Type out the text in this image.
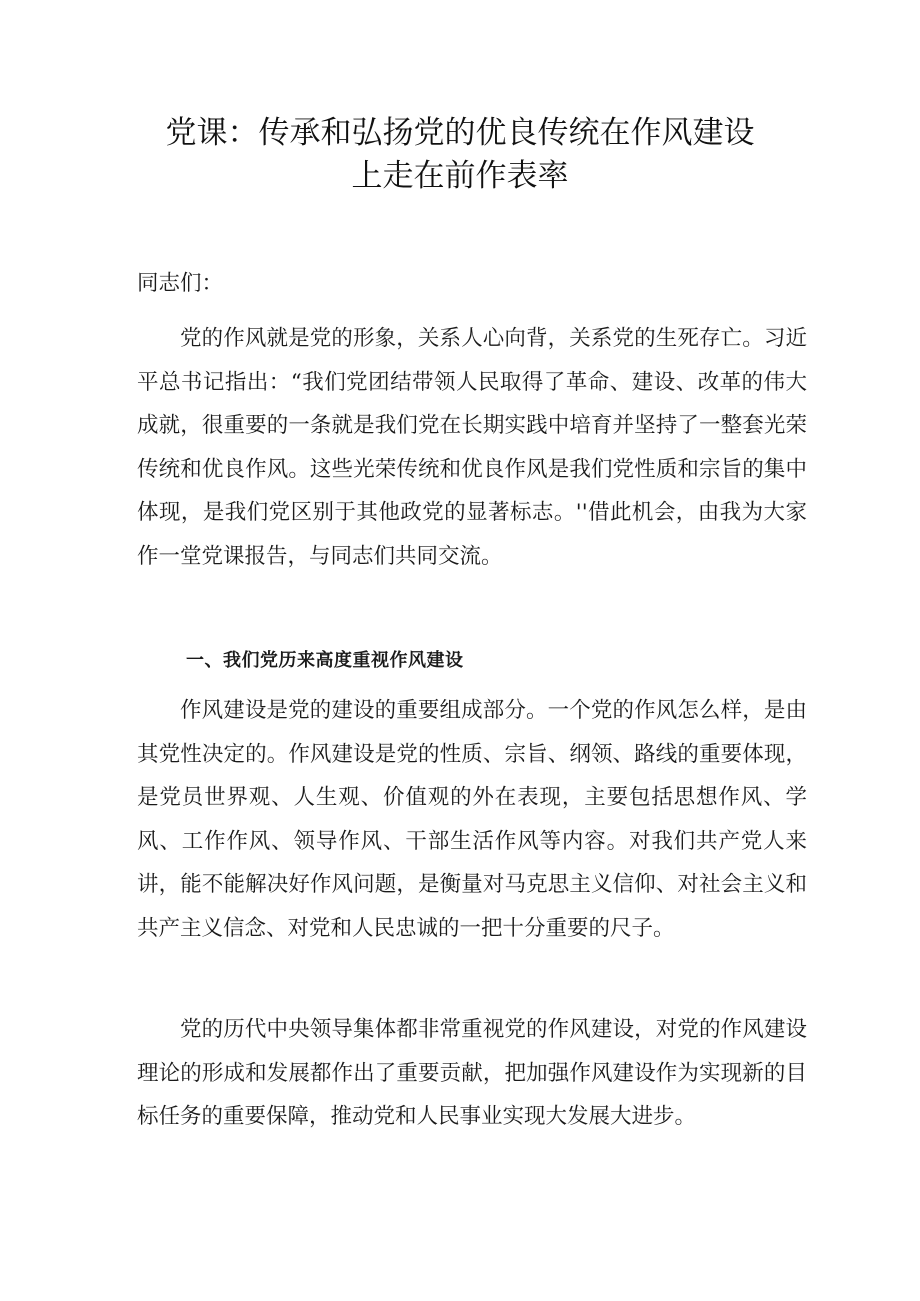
党课：传承和弘扬党的优良传统在作风建设
上走在前作表率

同志们：

党的作风就是党的形象，关系人心向背，关系党的生死存亡。习近平总书记指出：“我们党团结带领人民取得了革命、建设、改革的伟大成就，很重要的一条就是我们党在长期实践中培育并坚持了一整套光荣传统和优良作风。这些光荣传统和优良作风是我们党性质和宗旨的集中体现，是我们党区别于其他政党的显著标志。''借此机会，由我为大家作一堂党课报告，与同志们共同交流。

一、我们党历来高度重视作风建设

作风建设是党的建设的重要组成部分。一个党的作风怎么样，是由其党性决定的。作风建设是党的性质、宗旨、纲领、路线的重要体现，是党员世界观、人生观、价值观的外在表现，主要包括思想作风、学风、工作作风、领导作风、干部生活作风等内容。对我们共产党人来讲，能不能解决好作风问题，是衡量对马克思主义信仰、对社会主义和共产主义信念、对党和人民忠诚的一把十分重要的尺子。

党的历代中央领导集体都非常重视党的作风建设，对党的作风建设理论的形成和发展都作出了重要贡献，把加强作风建设作为实现新的目标任务的重要保障，推动党和人民事业实现大发展大进步。
